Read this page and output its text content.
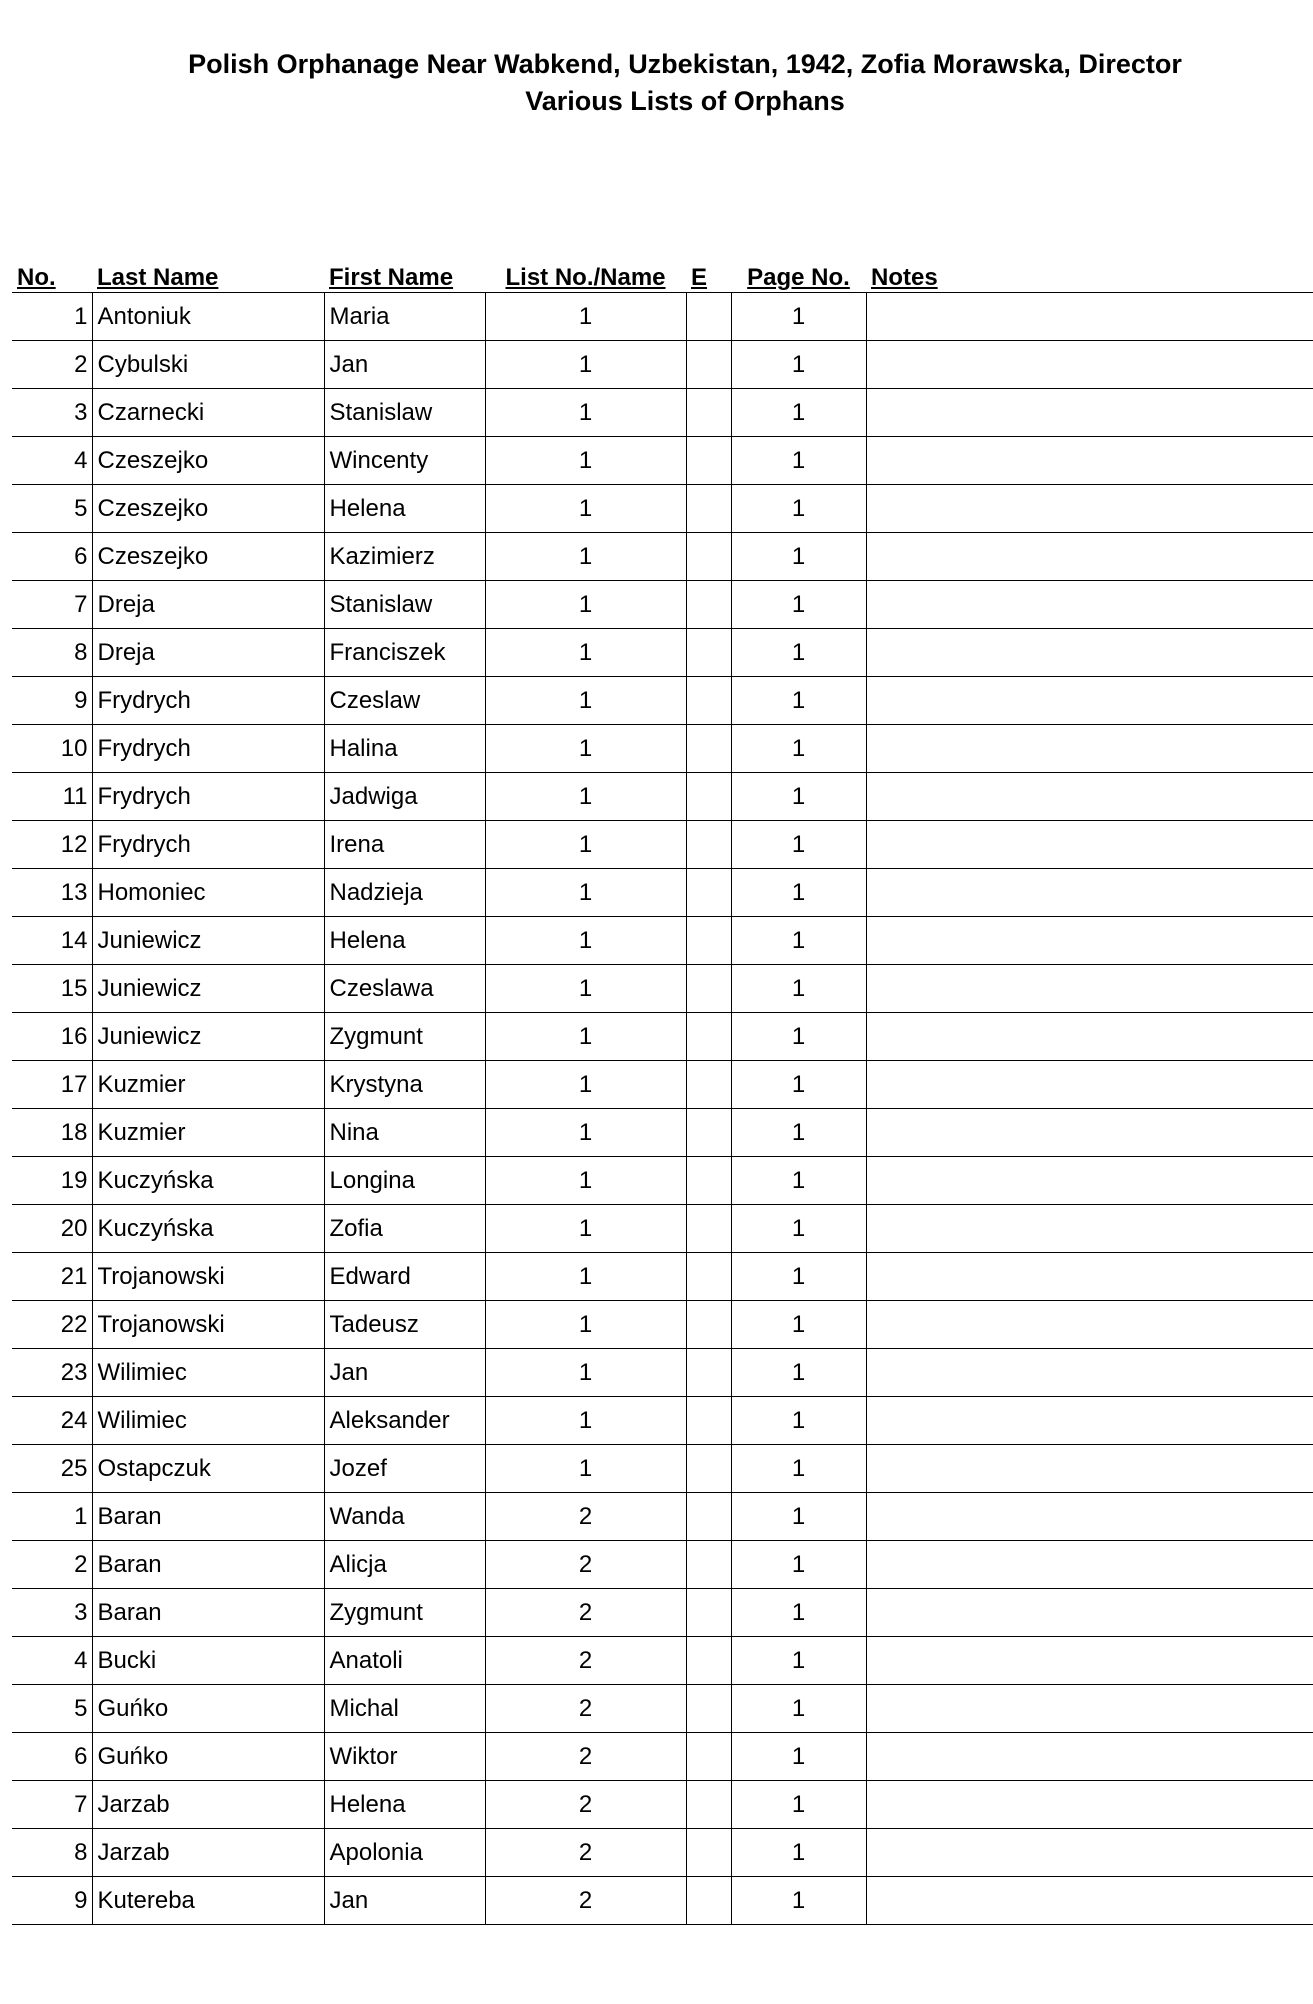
Polish Orphanage Near Wabkend, Uzbekistan, 1942, Zofia Morawska, Director
Various Lists of Orphans
No.	Last Name	First Name	List No./Name	E	Page No.	Notes
1	Antoniuk	Maria	1		1	
2	Cybulski	Jan	1		1	
3	Czarnecki	Stanislaw	1		1	
4	Czeszejko	Wincenty	1		1	
5	Czeszejko	Helena	1		1	
6	Czeszejko	Kazimierz	1		1	
7	Dreja	Stanislaw	1		1	
8	Dreja	Franciszek	1		1	
9	Frydrych	Czeslaw	1		1	
10	Frydrych	Halina	1		1	
11	Frydrych	Jadwiga	1		1	
12	Frydrych	Irena	1		1	
13	Homoniec	Nadziеja	1		1	
14	Juniewicz	Helena	1		1	
15	Juniewicz	Czeslawa	1		1	
16	Juniewicz	Zygmunt	1		1	
17	Kuzmier	Krystyna	1		1	
18	Kuzmier	Nina	1		1	
19	Kuczyńska	Longina	1		1	
20	Kuczyńska	Zofia	1		1	
21	Trojanowski	Edward	1		1	
22	Trojanowski	Tadeusz	1		1	
23	Wilimiec	Jan	1		1	
24	Wilimiec	Aleksander	1		1	
25	Ostapczuk	Jozef	1		1	
1	Baran	Wanda	2		1	
2	Baran	Alicja	2		1	
3	Baran	Zygmunt	2		1	
4	Bucki	Anatoli	2		1	
5	Guńko	Michal	2		1	
6	Guńko	Wiktor	2		1	
7	Jarzab	Helena	2		1	
8	Jarzab	Apolonia	2		1	
9	Kutereba	Jan	2		1	
